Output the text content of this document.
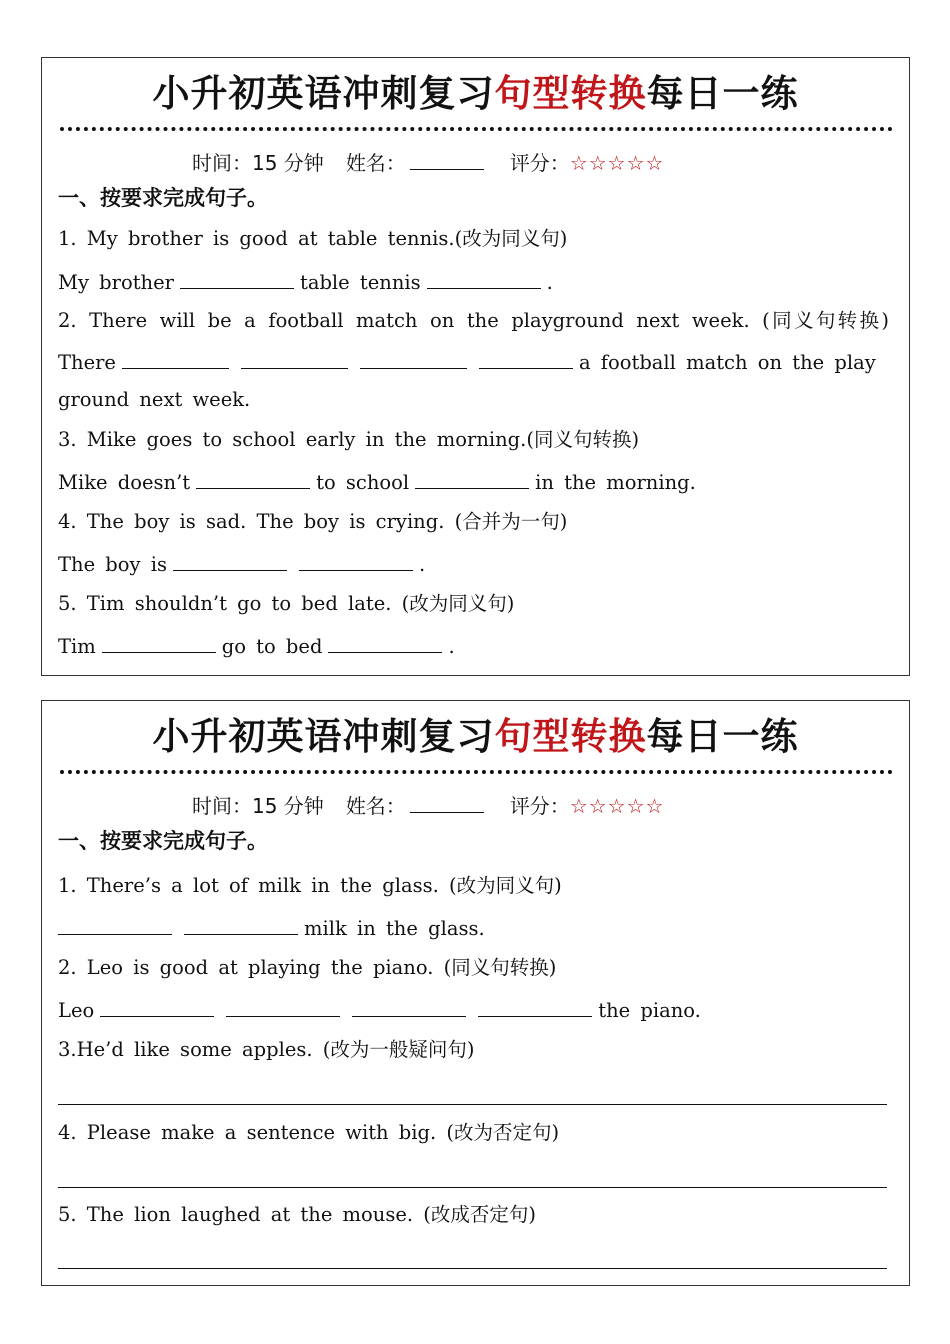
小升初英语冲刺复习句型转换每日一练
时间：15 分钟 姓名：	评分：☆☆☆☆☆
一、按要求完成句子。
1. My brother is good at table tennis.(改为同义句)
My brother	table tennis	.
2. There will be a football match on the playground next week. (同义句转换)
There	a football match on the play
ground next week.
3. Mike goes to school early in the morning.(同义句转换)
Mike doesn’t	to school	in the morning.
4. The boy is sad. The boy is crying. (合并为一句)
The boy is	.
5. Tim shouldn’t go to bed late. (改为同义句)
Tim	go to bed	.
小升初英语冲刺复习句型转换每日一练
时间：15 分钟 姓名：	评分：☆☆☆☆☆
一、按要求完成句子。
1. There’s a lot of milk in the glass. (改为同义句)
milk in the glass.
2. Leo is good at playing the piano. (同义句转换)
Leo	the piano.
3.He’d like some apples. (改为一般疑问句)
4. Please make a sentence with big. (改为否定句)
5. The lion laughed at the mouse. (改成否定句)
